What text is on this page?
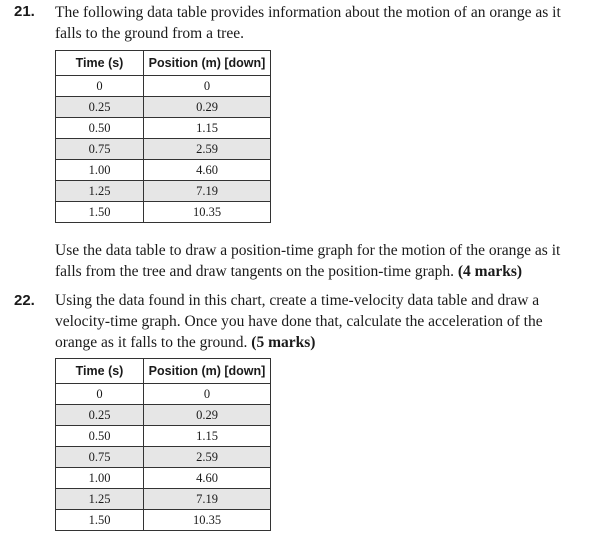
21. The following data table provides information about the motion of an orange as it falls to the ground from a tree.
Time (s)	Position (m) [down]
0	0
0.25	0.29
0.50	1.15
0.75	2.59
1.00	4.60
1.25	7.19
1.50	10.35
Use the data table to draw a position-time graph for the motion of the orange as it falls from the tree and draw tangents on the position-time graph. (4 marks)
22. Using the data found in this chart, create a time-velocity data table and draw a velocity-time graph. Once you have done that, calculate the acceleration of the orange as it falls to the ground. (5 marks)
Time (s)	Position (m) [down]
0	0
0.25	0.29
0.50	1.15
0.75	2.59
1.00	4.60
1.25	7.19
1.50	10.35
